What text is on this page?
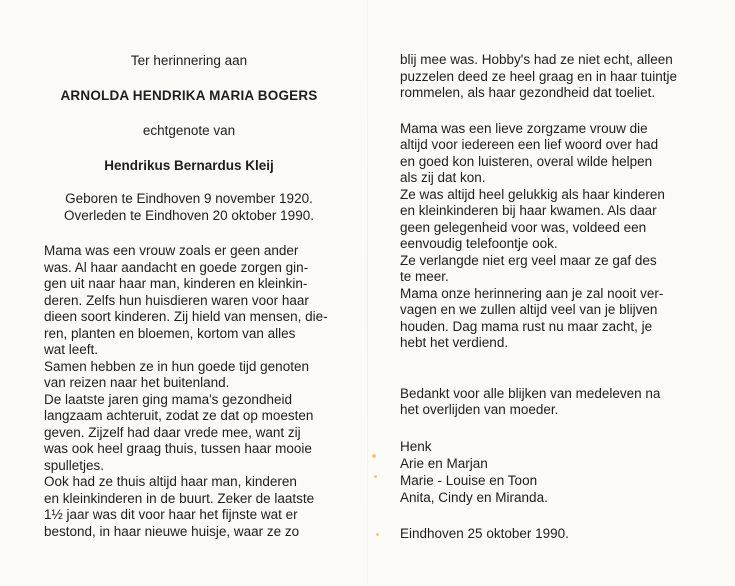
Ter herinnering aan
ARNOLDA HENDRIKA MARIA BOGERS
echtgenote van
Hendrikus Bernardus Kleij
Geboren te Eindhoven 9 november 1920.
Overleden te Eindhoven 20 oktober 1990.
Mama was een vrouw zoals er geen ander
was. Al haar aandacht en goede zorgen gin-
gen uit naar haar man, kinderen en kleinkin-
deren. Zelfs hun huisdieren waren voor haar
dieen soort kinderen. Zij hield van mensen, die-
ren, planten en bloemen, kortom van alles
wat leeft.
Samen hebben ze in hun goede tijd genoten
van reizen naar het buitenland.
De laatste jaren ging mama's gezondheid
langzaam achteruit, zodat ze dat op moesten
geven. Zijzelf had daar vrede mee, want zij
was ook heel graag thuis, tussen haar mooie
spulletjes.
Ook had ze thuis altijd haar man, kinderen
en kleinkinderen in de buurt. Zeker de laatste
1½ jaar was dit voor haar het fijnste wat er
bestond, in haar nieuwe huisje, waar ze zo
blij mee was. Hobby's had ze niet echt, alleen
puzzelen deed ze heel graag en in haar tuintje
rommelen, als haar gezondheid dat toeliet.
Mama was een lieve zorgzame vrouw die
altijd voor iedereen een lief woord over had
en goed kon luisteren, overal wilde helpen
als zij dat kon.
Ze was altijd heel gelukkig als haar kinderen
en kleinkinderen bij haar kwamen. Als daar
geen gelegenheid voor was, voldeed een
eenvoudig telefoontje ook.
Ze verlangde niet erg veel maar ze gaf des
te meer.
Mama onze herinnering aan je zal nooit ver-
vagen en we zullen altijd veel van je blijven
houden. Dag mama rust nu maar zacht, je
hebt het verdiend.
Bedankt voor alle blijken van medeleven na
het overlijden van moeder.
Henk
Arie en Marjan
Marie - Louise en Toon
Anita, Cindy en Miranda.
Eindhoven 25 oktober 1990.
